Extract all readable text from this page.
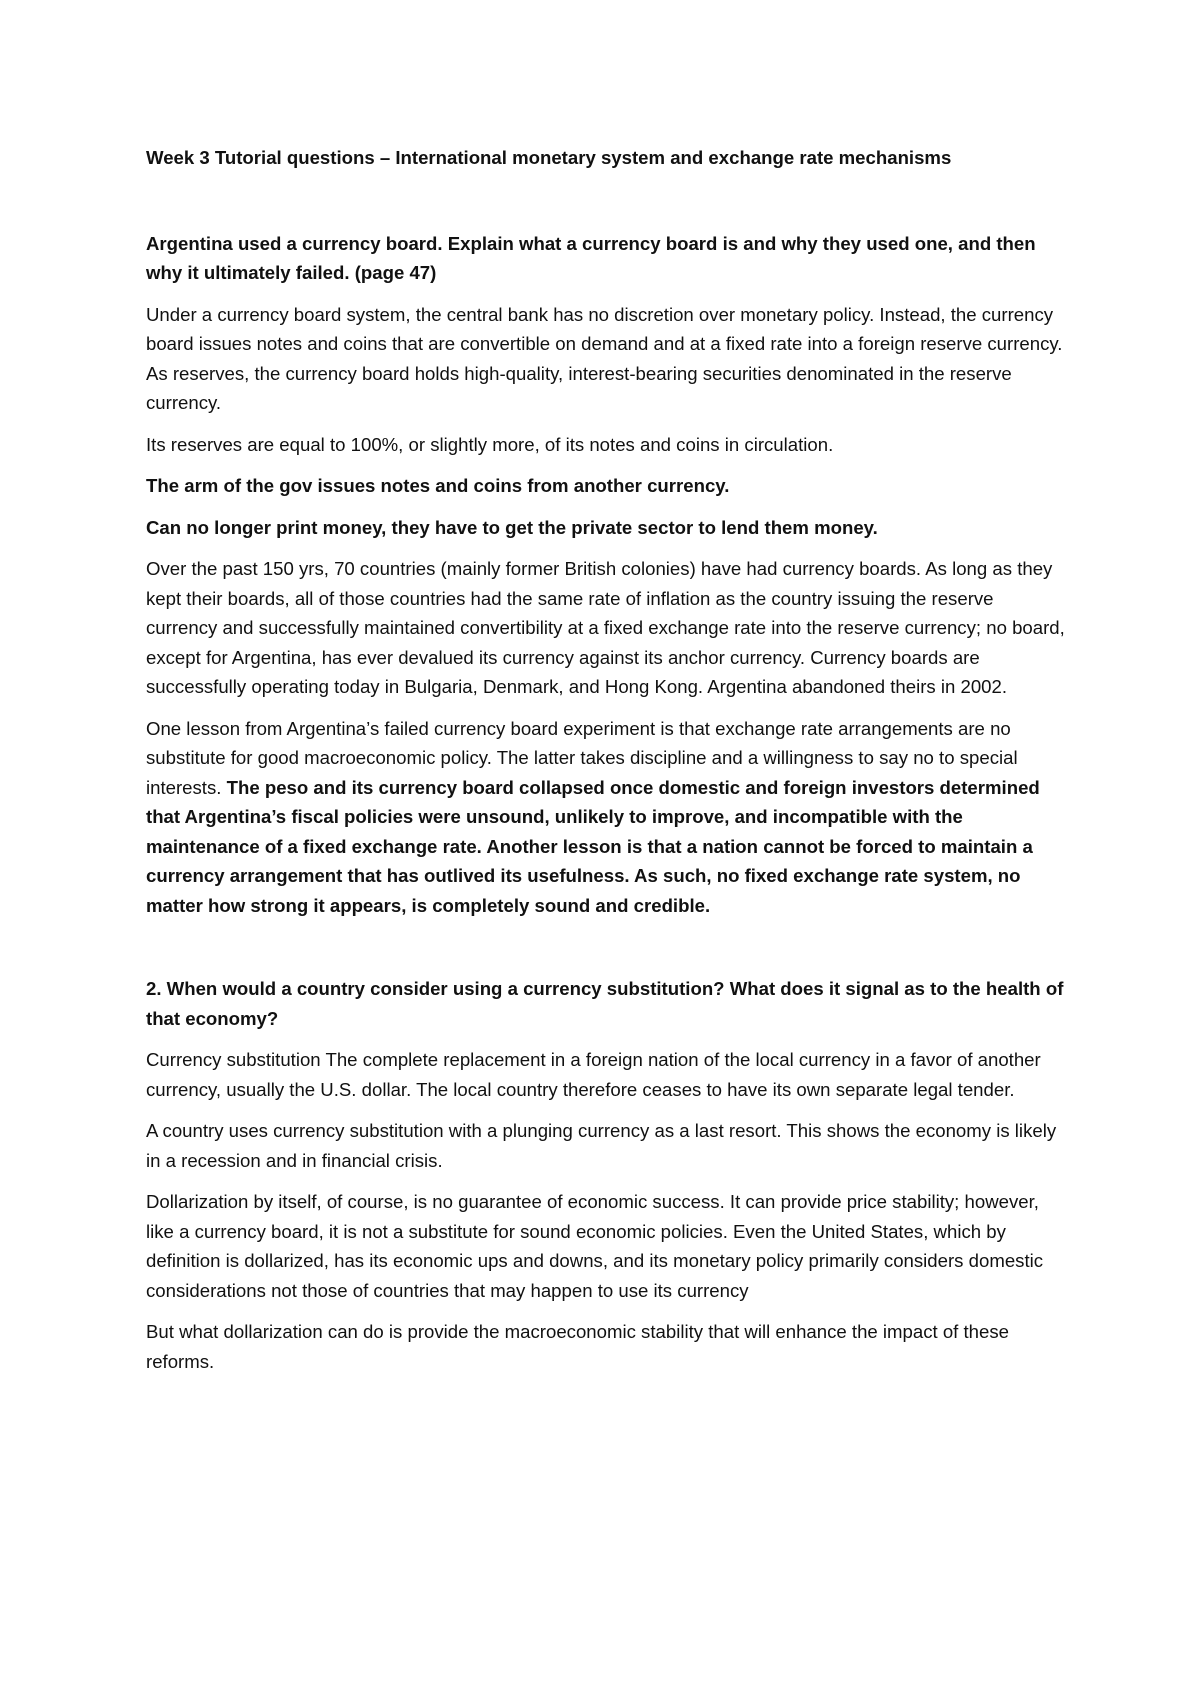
Week 3 Tutorial questions – International monetary system and exchange rate mechanisms

Argentina used a currency board. Explain what a currency board is and why they used one, and then why it ultimately failed. (page 47)

Under a currency board system, the central bank has no discretion over monetary policy. Instead, the currency board issues notes and coins that are convertible on demand and at a fixed rate into a foreign reserve currency. As reserves, the currency board holds high-quality, interest-bearing securities denominated in the reserve currency.

Its reserves are equal to 100%, or slightly more, of its notes and coins in circulation.

The arm of the gov issues notes and coins from another currency.

Can no longer print money, they have to get the private sector to lend them money.

Over the past 150 yrs, 70 countries (mainly former British colonies) have had currency boards. As long as they kept their boards, all of those countries had the same rate of inflation as the country issuing the reserve currency and successfully maintained convertibility at a fixed exchange rate into the reserve currency; no board, except for Argentina, has ever devalued its currency against its anchor currency. Currency boards are successfully operating today in Bulgaria, Denmark, and Hong Kong. Argentina abandoned theirs in 2002.

One lesson from Argentina’s failed currency board experiment is that exchange rate arrangements are no substitute for good macroeconomic policy. The latter takes discipline and a willingness to say no to special interests. The peso and its currency board collapsed once domestic and foreign investors determined that Argentina’s fiscal policies were unsound, unlikely to improve, and incompatible with the maintenance of a fixed exchange rate. Another lesson is that a nation cannot be forced to maintain a currency arrangement that has outlived its usefulness. As such, no fixed exchange rate system, no matter how strong it appears, is completely sound and credible.

2. When would a country consider using a currency substitution? What does it signal as to the health of that economy?

Currency substitution The complete replacement in a foreign nation of the local currency in a favor of another currency, usually the U.S. dollar. The local country therefore ceases to have its own separate legal tender.

A country uses currency substitution with a plunging currency as a last resort. This shows the economy is likely in a recession and in financial crisis.

Dollarization by itself, of course, is no guarantee of economic success. It can provide price stability; however, like a currency board, it is not a substitute for sound economic policies. Even the United States, which by definition is dollarized, has its economic ups and downs, and its monetary policy primarily considers domestic considerations not those of countries that may happen to use its currency

But what dollarization can do is provide the macroeconomic stability that will enhance the impact of these reforms.
